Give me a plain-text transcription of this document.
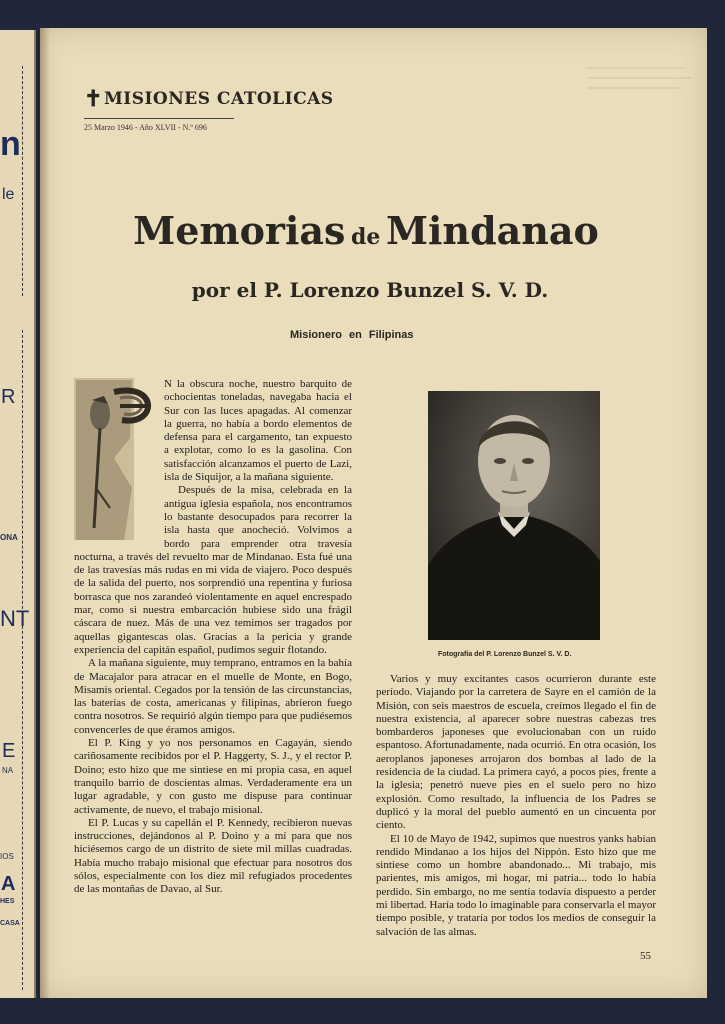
n
le
R
ONA
NT
E
NA
IOS
A
HES
CASA
✝MISIONES CATOLICAS
25 Marzo 1946 - Año XLVII - N.º 696
Memorias de Mindanao
por el P. Lorenzo Bunzel S. V. D.
Misionero en Filipinas

N la obscura noche, nuestro barquito de ochocientas toneladas, navegaba hacia el Sur con las luces apagadas. Al comenzar la guerra, no había a bordo elementos de defensa para el cargamento, tan expuesto a explotar, como lo es la gasolina. Con satisfacción alcanzamos el puerto de Lazi, isla de Siquijor, a la mañana siguiente.

Después de la misa, celebrada en la antigua iglesia española, nos encontramos lo bastante desocupados para recorrer la isla hasta que anocheció. Volvimos a bordo para emprender otra travesía nocturna, a través del revuelto mar de Mindanao. Esta fué una de las travesías más rudas en mi vida de viajero. Poco después de la salida del puerto, nos sorprendió una repentina y furiosa borrasca que nos zarandeó violentamente en aquel encrespado mar, como si nuestra embarcación hubiese sido una frágil cáscara de nuez. Más de una vez temimos ser tragados por aquellas gigantescas olas. Gracias a la pericia y grande experiencia del capitán español, pudimos seguir flotando.

A la mañana siguiente, muy temprano, entramos en la bahía de Macajalor para atracar en el muelle de Monte, en Bogo, Misamis oriental. Cegados por la tensión de las circunstancias, las baterías de costa, americanas y filipinas, abrieron fuego contra nosotros. Se requirió algún tiempo para que pudiésemos convencerles de que éramos amigos.

El P. King y yo nos personamos en Cagayán, siendo cariñosamente recibidos por el P. Haggerty, S. J., y el rector P. Doino; esto hizo que me sintiese en mi propia casa, en aquel tranquilo barrio de doscientas almas. Verdaderamente era un lugar agradable, y con gusto me dispuse para continuar activamente, de nuevo, el trabajo misional.

El P. Lucas y su capellán el P. Kennedy, recibieron nuevas instrucciones, dejándonos al P. Doino y a mí para que nos hiciésemos cargo de un distrito de siete mil millas cuadradas. Había mucho trabajo misional que efectuar para nosotros dos sólos, especialmente con los diez mil refugiados procedentes de las montañas de Davao, al Sur.

Fotografía del P. Lorenzo Bunzel S. V. D.

Varios y muy excitantes casos ocurrieron durante este período. Viajando por la carretera de Sayre en el camión de la Misión, con seis maestros de escuela, creímos llegado el fin de nuestra existencia, al aparecer sobre nuestras cabezas tres bombarderos japoneses que evolucionaban con un ruido espantoso. Afortunadamente, nada ocurrió. En otra ocasión, los aeroplanos japoneses arrojaron dos bombas al lado de la residencia de la ciudad. La primera cayó, a pocos pies, frente a la iglesia; penetró nueve pies en el suelo pero no hizo explosión. Como resultado, la influencia de los Padres se duplicó y la moral del pueblo aumentó en un cincuenta por ciento.

El 10 de Mayo de 1942, supimos que nuestros yanks habían rendido Mindanao a los hijos del Nippón. Esto hizo que me sintiese como un hombre abandonado... Mi trabajo, mis parientes, mis amigos, mi hogar, mi patria... todo lo había perdido. Sin embargo, no me sentía todavía dispuesto a perder mi libertad. Haría todo lo imaginable para conservarla el mayor tiempo posible, y trataría por todos los medios de conseguir la salvación de las almas.

55
